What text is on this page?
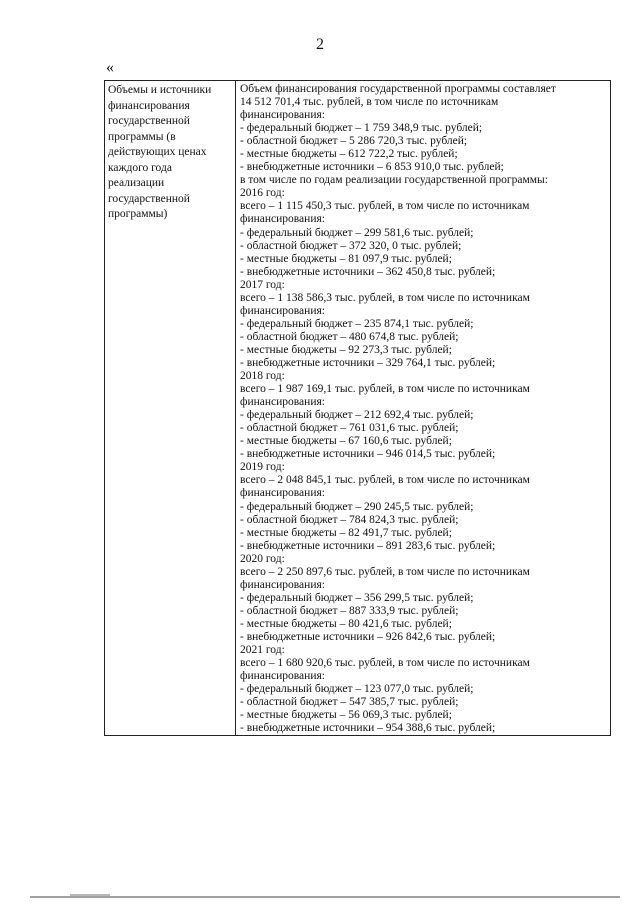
2
«
Объемы и источники
финансирования
государственной
программы (в
действующих ценах
каждого года
реализации
государственной
программы)
Объем финансирования государственной программы составляет
14 512 701,4 тыс. рублей, в том числе по источникам
финансирования:
- федеральный бюджет – 1 759 348,9 тыс. рублей;
- областной бюджет – 5 286 720,3 тыс. рублей;
- местные бюджеты – 612 722,2 тыс. рублей;
- внебюджетные источники – 6 853 910,0 тыс. рублей;
в том числе по годам реализации государственной программы:
2016 год:
всего – 1 115 450,3 тыс. рублей, в том числе по источникам
финансирования:
- федеральный бюджет – 299 581,6 тыс. рублей;
- областной бюджет – 372 320, 0 тыс. рублей;
- местные бюджеты – 81 097,9 тыс. рублей;
- внебюджетные источники – 362 450,8 тыс. рублей;
2017 год:
всего – 1 138 586,3 тыс. рублей, в том числе по источникам
финансирования:
- федеральный бюджет – 235 874,1 тыс. рублей;
- областной бюджет – 480 674,8 тыс. рублей;
- местные бюджеты – 92 273,3 тыс. рублей;
- внебюджетные источники – 329 764,1 тыс. рублей;
2018 год:
всего – 1 987 169,1 тыс. рублей, в том числе по источникам
финансирования:
- федеральный бюджет – 212 692,4 тыс. рублей;
- областной бюджет – 761 031,6 тыс. рублей;
- местные бюджеты – 67 160,6 тыс. рублей;
- внебюджетные источники – 946 014,5 тыс. рублей;
2019 год:
всего – 2 048 845,1 тыс. рублей, в том числе по источникам
финансирования:
- федеральный бюджет – 290 245,5 тыс. рублей;
- областной бюджет – 784 824,3 тыс. рублей;
- местные бюджеты – 82 491,7 тыс. рублей;
- внебюджетные источники – 891 283,6 тыс. рублей;
2020 год:
всего – 2 250 897,6 тыс. рублей, в том числе по источникам
финансирования:
- федеральный бюджет – 356 299,5 тыс. рублей;
- областной бюджет – 887 333,9 тыс. рублей;
- местные бюджеты – 80 421,6 тыс. рублей;
- внебюджетные источники – 926 842,6 тыс. рублей;
2021 год:
всего – 1 680 920,6 тыс. рублей, в том числе по источникам
финансирования:
- федеральный бюджет – 123 077,0 тыс. рублей;
- областной бюджет – 547 385,7 тыс. рублей;
- местные бюджеты – 56 069,3 тыс. рублей;
- внебюджетные источники – 954 388,6 тыс. рублей;
